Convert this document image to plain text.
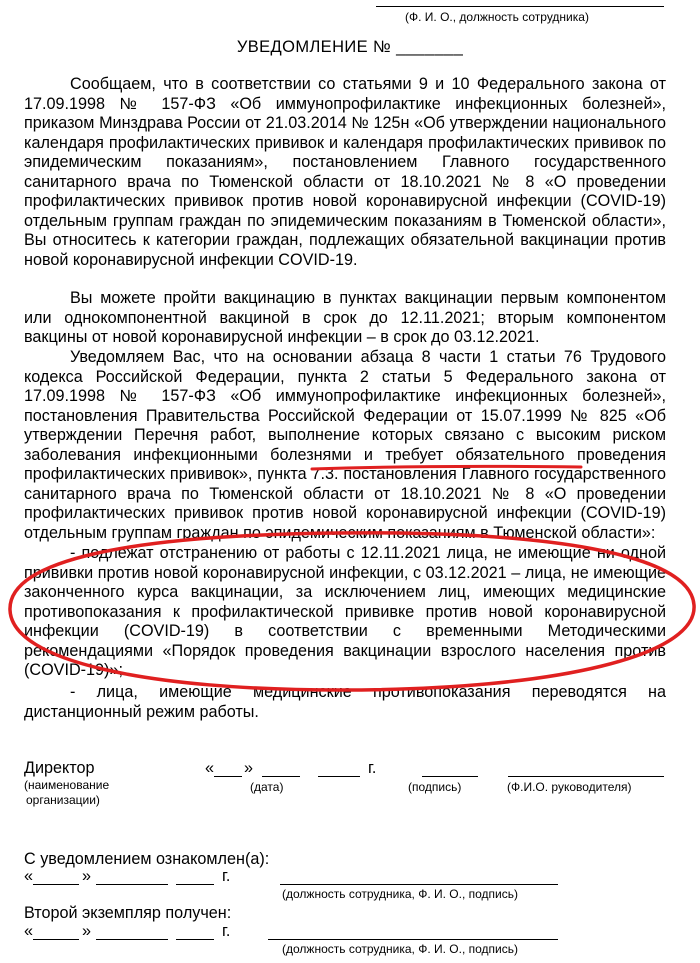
(Ф. И. О., должность сотрудника)
УВЕДОМЛЕНИЕ № _______
Сообщаем, что в соответствии со статьями 9 и 10 Федерального закона от 17.09.1998 № 157-ФЗ «Об иммунопрофилактике инфекционных болезней», приказом Минздрава России от 21.03.2014 № 125н «Об утверждении национального календаря профилактических прививок и календаря профилактических прививок по эпидемическим показаниям», постановлением Главного государственного санитарного врача по Тюменской области от 18.10.2021 № 8 «О проведении профилактических прививок против новой коронавирусной инфекции (COVID-19) отдельным группам граждан по эпидемическим показаниям в Тюменской области», Вы относитесь к категории граждан, подлежащих обязательной вакцинации против новой коронавирусной инфекции COVID-19.
Вы можете пройти вакцинацию в пунктах вакцинации первым компонентом или однокомпонентной вакциной в срок до 12.11.2021; вторым компонентом вакцины от новой коронавирусной инфекции – в срок до 03.12.2021.
Уведомляем Вас, что на основании абзаца 8 части 1 статьи 76 Трудового кодекса Российской Федерации, пункта 2 статьи 5 Федерального закона от 17.09.1998 № 157-ФЗ «Об иммунопрофилактике инфекционных болезней», постановления Правительства Российской Федерации от 15.07.1999 № 825 «Об утверждении Перечня работ, выполнение которых связано с высоким риском заболевания инфекционными болезнями и требует обязательного проведения профилактических прививок», пункта 7.3. постановления Главного государственного санитарного врача по Тюменской области от 18.10.2021 № 8 «О проведении профилактических прививок против новой коронавирусной инфекции (COVID-19) отдельным группам граждан по эпидемическим показаниям в Тюменской области»:
- подлежат отстранению от работы с 12.11.2021 лица, не имеющие ни одной прививки против новой коронавирусной инфекции, с 03.12.2021 – лица, не имеющие законченного курса вакцинации, за исключением лиц, имеющих медицинские противопоказания к профилактической прививке против новой коронавирусной инфекции (COVID-19) в соответствии с временными Методическими рекомендациями «Порядок проведения вакцинации взрослого населения против (COVID-19)»;
- лица, имеющие медицинские противопоказания переводятся на дистанционный режим работы.
Директор
(наименование
организации)
« »	г.
(дата)	(подпись)	(Ф.И.О. руководителя)
С уведомлением ознакомлен(а):
«	»	г.
(должность сотрудника, Ф. И. О., подпись)
Второй экземпляр получен:
«	»	г.
(должность сотрудника, Ф. И. О., подпись)
